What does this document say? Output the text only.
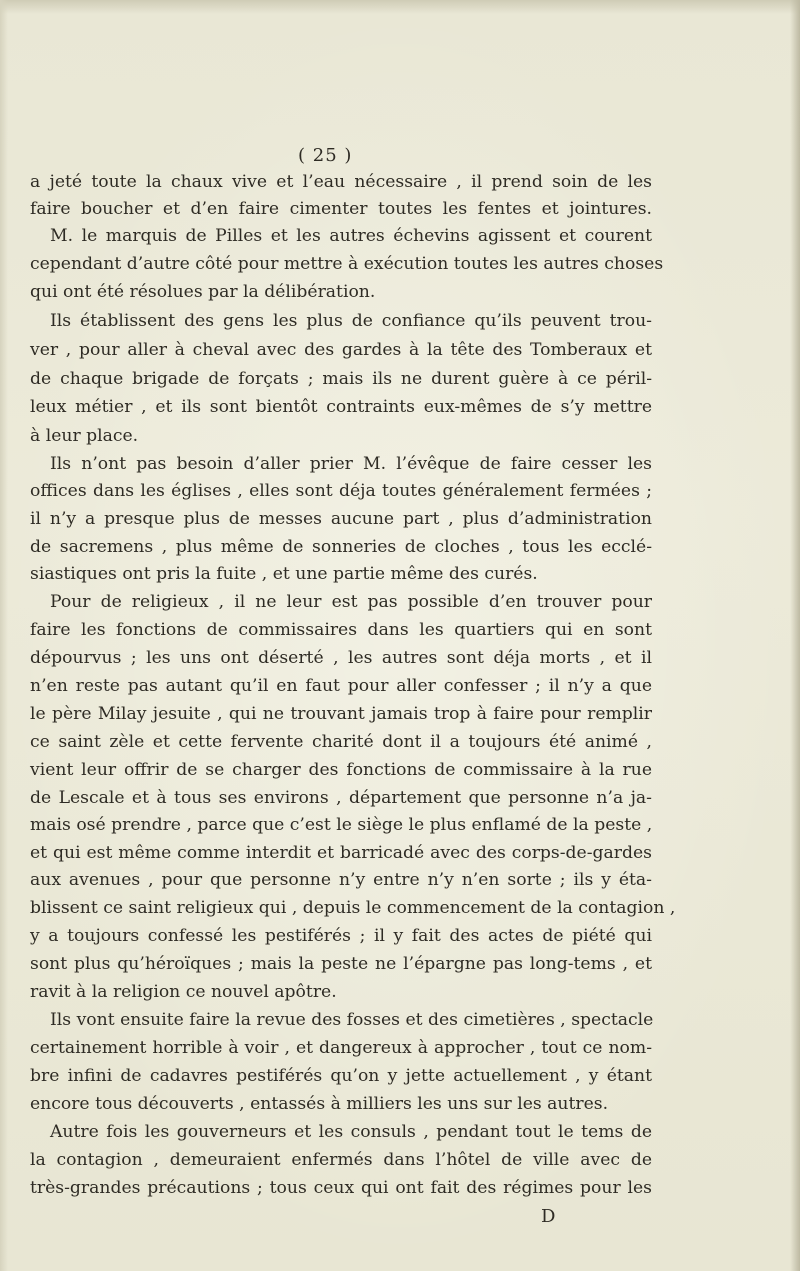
( 25 )
a jeté toute la chaux vive et l’eau nécessaire , il prend soin de les
faire boucher et d’en faire cimenter toutes les fentes et jointures.
M. le marquis de Pilles et les autres échevins agissent et courent
cependant d’autre côté pour mettre à exécution toutes les autres choses
qui ont été résolues par la délibération.
Ils établissent des gens les plus de confiance qu’ils peuvent trou-
ver , pour aller à cheval avec des gardes à la tête des Tomberaux et
de chaque brigade de forçats ; mais ils ne durent guère à ce péril-
leux métier , et ils sont bientôt contraints eux-mêmes de s’y mettre
à leur place.
Ils n’ont pas besoin d’aller prier M. l’évêque de faire cesser les
offices dans les églises , elles sont déja toutes généralement fermées ;
il n’y a presque plus de messes aucune part , plus d’administration
de sacremens , plus même de sonneries de cloches , tous les ecclé-
siastiques ont pris la fuite , et une partie même des curés.
Pour de religieux , il ne leur est pas possible d’en trouver pour
faire les fonctions de commissaires dans les quartiers qui en sont
dépourvus ; les uns ont déserté , les autres sont déja morts , et il
n’en reste pas autant qu’il en faut pour aller confesser ; il n’y a que
le père Milay jesuite , qui ne trouvant jamais trop à faire pour remplir
ce saint zèle et cette fervente charité dont il a toujours été animé ,
vient leur offrir de se charger des fonctions de commissaire à la rue
de Lescale et à tous ses environs , département que personne n’a ja-
mais osé prendre , parce que c’est le siège le plus enflamé de la peste ,
et qui est même comme interdit et barricadé avec des corps-de-gardes
aux avenues , pour que personne n’y entre n’y n’en sorte ; ils y éta-
blissent ce saint religieux qui , depuis le commencement de la contagion ,
y a toujours confessé les pestiférés ; il y fait des actes de piété qui
sont plus qu’héroïques ; mais la peste ne l’épargne pas long-tems , et
ravit à la religion ce nouvel apôtre.
Ils vont ensuite faire la revue des fosses et des cimetières , spectacle
certainement horrible à voir , et dangereux à approcher , tout ce nom-
bre infini de cadavres pestiférés qu’on y jette actuellement , y étant
encore tous découverts , entassés à milliers les uns sur les autres.
Autre fois les gouverneurs et les consuls , pendant tout le tems de
la contagion , demeuraient enfermés dans l’hôtel de ville avec de
très-grandes précautions ; tous ceux qui ont fait des régimes pour les
D
